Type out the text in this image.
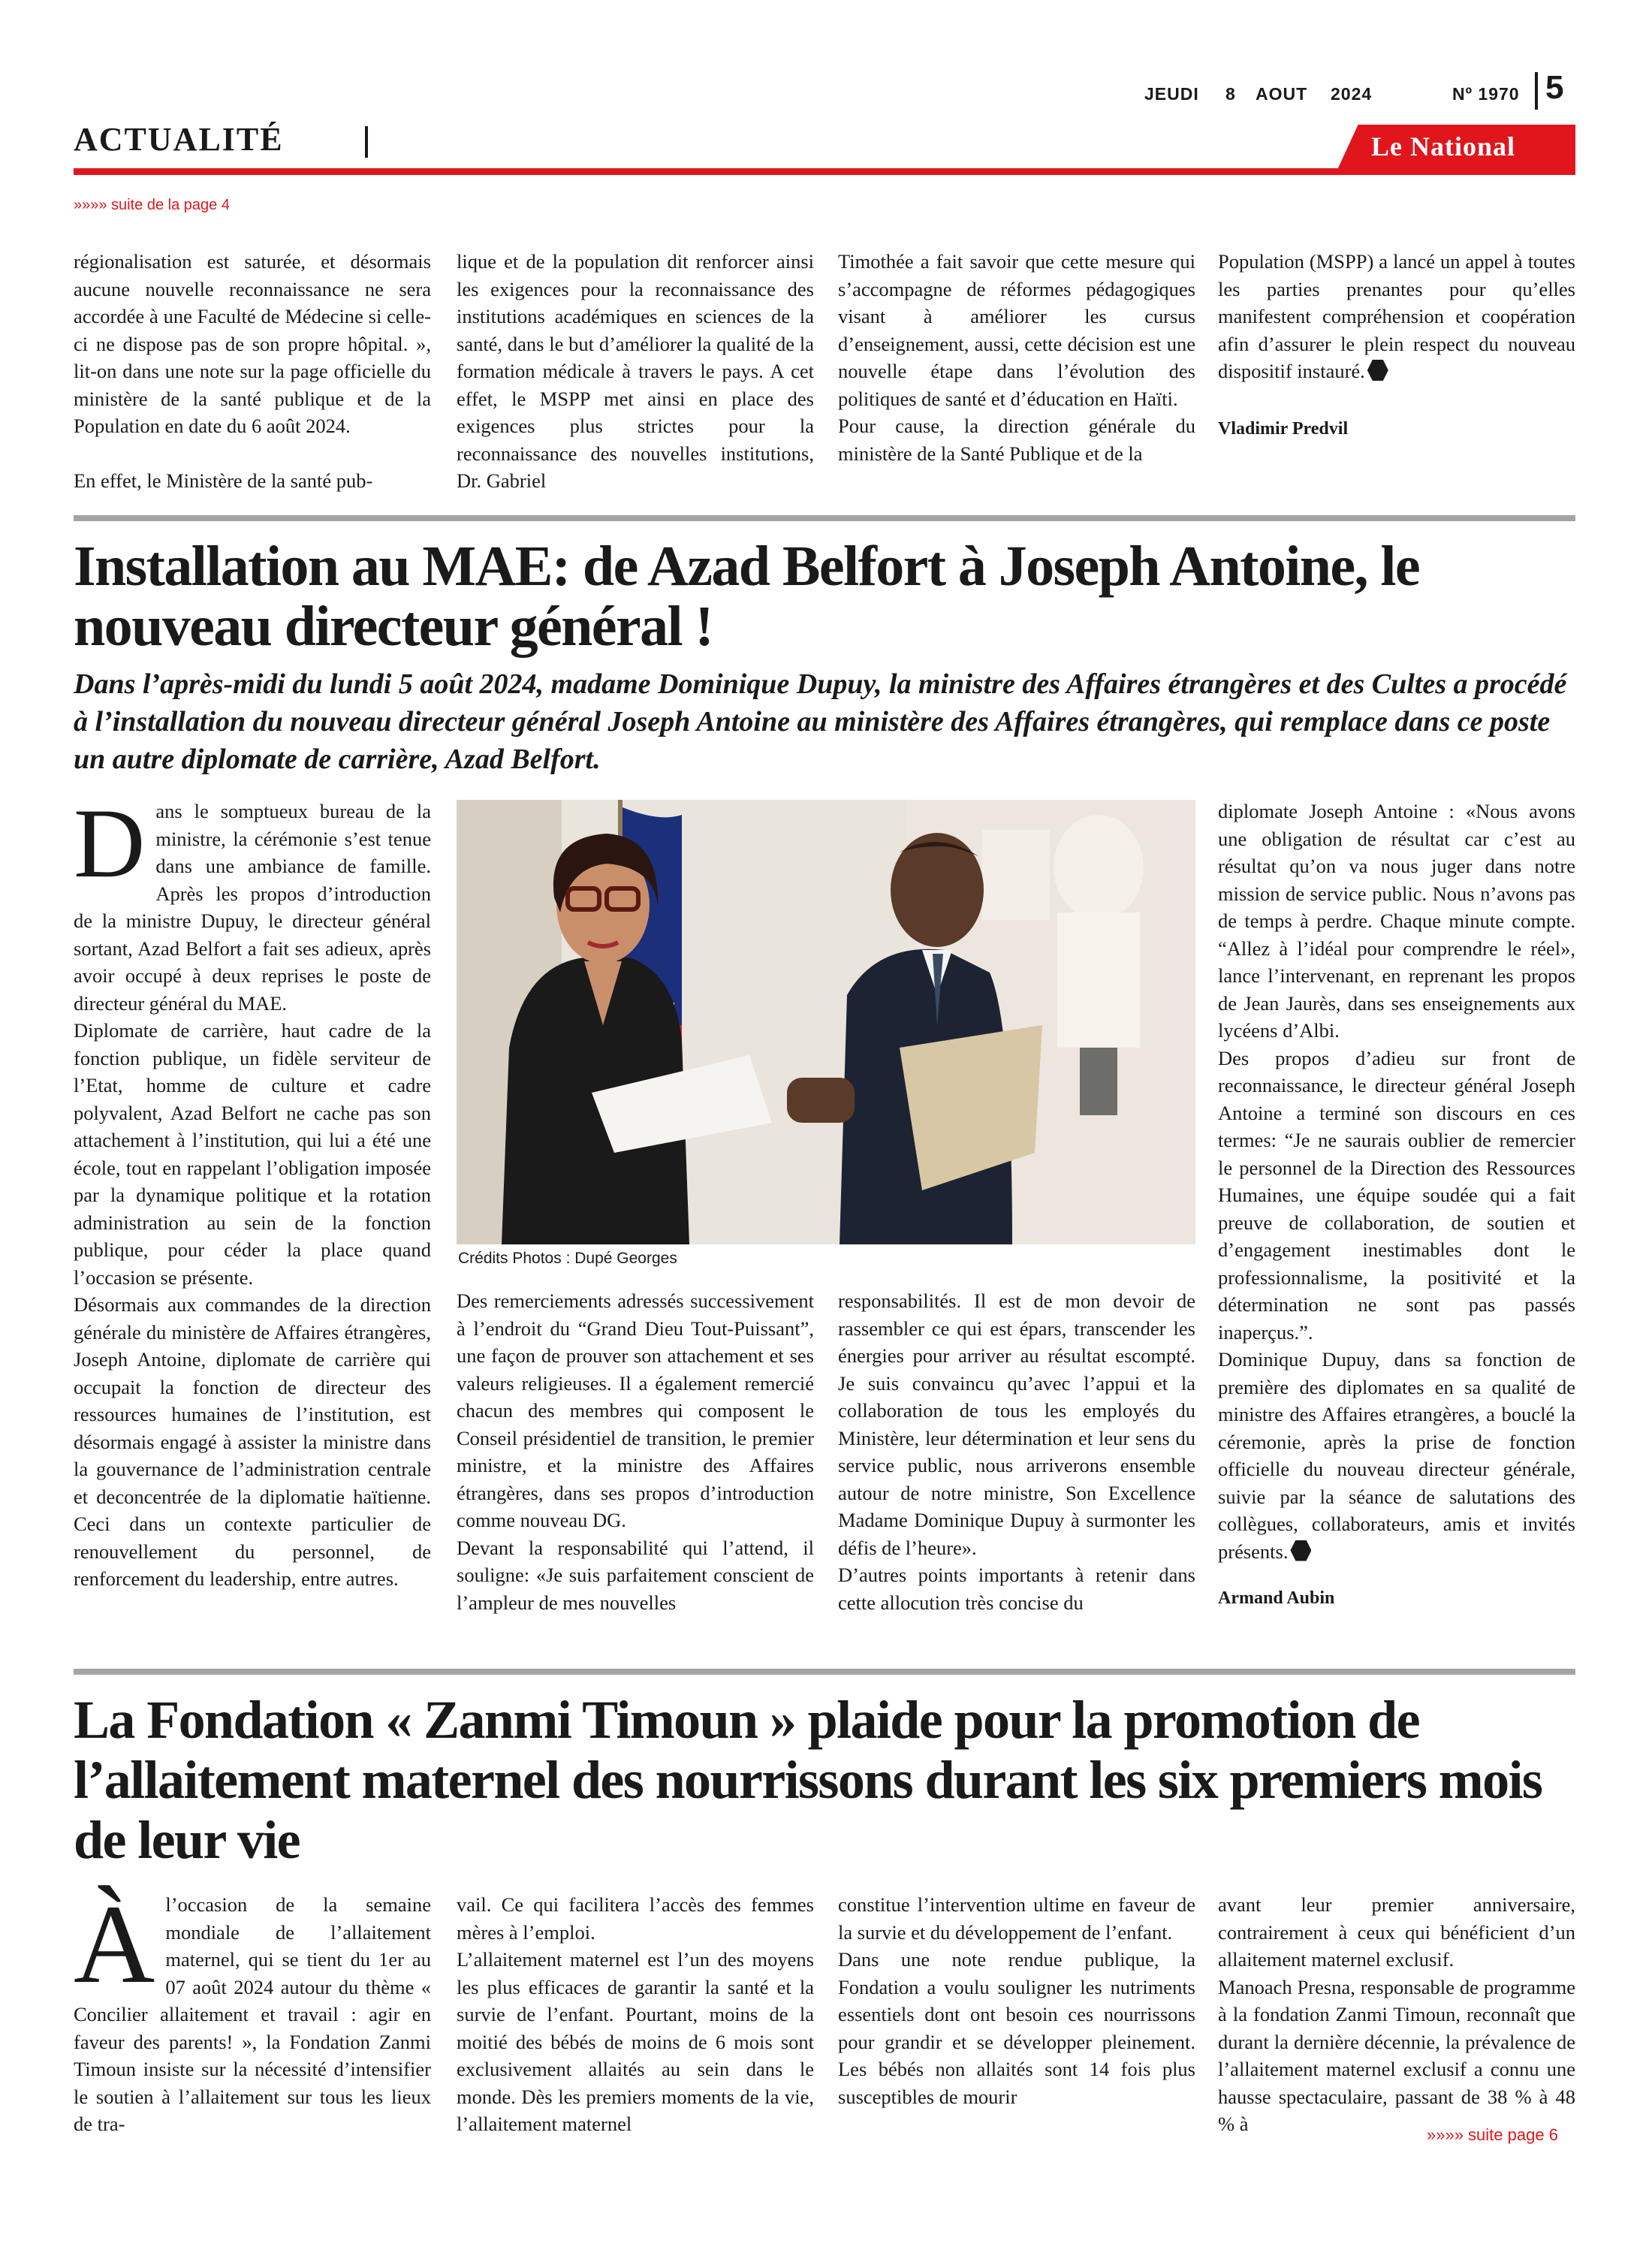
JEUDI 8 AOUT 2024	Nº 1970 5
ACTUALITÉ	Le National
»»»» suite de la page 4

régionalisation est saturée, et désormais aucune nouvelle reconnaissance ne sera accordée à une Faculté de Médecine si celle-ci ne dispose pas de son propre hôpital. », lit-on dans une note sur la page officielle du ministère de la santé publique et de la Population en date du 6 août 2024.

En effet, le Ministère de la santé pub-

lique et de la population dit renforcer ainsi les exigences pour la reconnaissance des institutions académiques en sciences de la santé, dans le but d’améliorer la qualité de la formation médicale à travers le pays. A cet effet, le MSPP met ainsi en place des exigences plus strictes pour la reconnaissance des nouvelles institutions, Dr. Gabriel

Timothée a fait savoir que cette mesure qui s’accompagne de réformes pédagogiques visant à améliorer les cursus d’enseignement, aussi, cette décision est une nouvelle étape dans l’évolution des politiques de santé et d’éducation en Haïti.

Pour cause, la direction générale du ministère de la Santé Publique et de la

Population (MSPP) a lancé un appel à toutes les parties prenantes pour qu’elles manifestent compréhension et coopération afin d’assurer le plein respect du nouveau dispositif instauré.

Vladimir Predvil

Installation au MAE: de Azad Belfort à Joseph Antoine, le nouveau directeur général !

Dans l’après-midi du lundi 5 août 2024, madame Dominique Dupuy, la ministre des Affaires étrangères et des Cultes a procédé à l’installation du nouveau directeur général Joseph Antoine au ministère des Affaires étrangères, qui remplace dans ce poste un autre diplomate de carrière, Azad Belfort.

Dans le somptueux bureau de la ministre, la cérémonie s’est tenue dans une ambiance de famille. Après les propos d’introduction de la ministre Dupuy, le directeur général sortant, Azad Belfort a fait ses adieux, après avoir occupé à deux reprises le poste de directeur général du MAE.

Diplomate de carrière, haut cadre de la fonction publique, un fidèle serviteur de l’Etat, homme de culture et cadre polyvalent, Azad Belfort ne cache pas son attachement à l’institution, qui lui a été une école, tout en rappelant l’obligation imposée par la dynamique politique et la rotation administration au sein de la fonction publique, pour céder la place quand l’occasion se présente.

Désormais aux commandes de la direction générale du ministère de Affaires étrangères, Joseph Antoine, diplomate de carrière qui occupait la fonction de directeur des ressources humaines de l’institution, est désormais engagé à assister la ministre dans la gouvernance de l’administration centrale et deconcentrée de la diplomatie haïtienne. Ceci dans un contexte particulier de renouvellement du personnel, de renforcement du leadership, entre autres.

Crédits Photos : Dupé Georges

Des remerciements adressés successivement à l’endroit du “Grand Dieu Tout-Puissant”, une façon de prouver son attachement et ses valeurs religieuses. Il a également remercié chacun des membres qui composent le Conseil présidentiel de transition, le premier ministre, et la ministre des Affaires étrangères, dans ses propos d’introduction comme nouveau DG.

Devant la responsabilité qui l’attend, il souligne: «Je suis parfaitement conscient de l’ampleur de mes nouvelles

responsabilités. Il est de mon devoir de rassembler ce qui est épars, transcender les énergies pour arriver au résultat escompté. Je suis convaincu qu’avec l’appui et la collaboration de tous les employés du Ministère, leur détermination et leur sens du service public, nous arriverons ensemble autour de notre ministre, Son Excellence Madame Dominique Dupuy à surmonter les défis de l’heure».

D’autres points importants à retenir dans cette allocution très concise du

diplomate Joseph Antoine : «Nous avons une obligation de résultat car c’est au résultat qu’on va nous juger dans notre mission de service public. Nous n’avons pas de temps à perdre. Chaque minute compte. “Allez à l’idéal pour comprendre le réel», lance l’intervenant, en reprenant les propos de Jean Jaurès, dans ses enseignements aux lycéens d’Albi.

Des propos d’adieu sur front de reconnaissance, le directeur général Joseph Antoine a terminé son discours en ces termes: “Je ne saurais oublier de remercier le personnel de la Direction des Ressources Humaines, une équipe soudée qui a fait preuve de collaboration, de soutien et d’engagement inestimables dont le professionnalisme, la positivité et la détermination ne sont pas passés inaperçus.”.

Dominique Dupuy, dans sa fonction de première des diplomates en sa qualité de ministre des Affaires etrangères, a bouclé la céremonie, après la prise de fonction officielle du nouveau directeur générale, suivie par la séance de salutations des collègues, collaborateurs, amis et invités présents.

Armand Aubin

La Fondation « Zanmi Timoun » plaide pour la promotion de l’allaitement maternel des nourrissons durant les six premiers mois de leur vie

Àl’occasion de la semaine mondiale de l’allaitement maternel, qui se tient du 1er au 07 août 2024 autour du thème « Concilier allaitement et travail : agir en faveur des parents! », la Fondation Zanmi Timoun insiste sur la nécessité d’intensifier le soutien à l’allaitement sur tous les lieux de tra-

vail. Ce qui facilitera l’accès des femmes mères à l’emploi.

L’allaitement maternel est l’un des moyens les plus efficaces de garantir la santé et la survie de l’enfant. Pourtant, moins de la moitié des bébés de moins de 6 mois sont exclusivement allaités au sein dans le monde. Dès les premiers moments de la vie, l’allaitement maternel

constitue l’intervention ultime en faveur de la survie et du développement de l’enfant.

Dans une note rendue publique, la Fondation a voulu souligner les nutriments essentiels dont ont besoin ces nourrissons pour grandir et se développer pleinement. Les bébés non allaités sont 14 fois plus susceptibles de mourir

avant leur premier anniversaire, contrairement à ceux qui bénéficient d’un allaitement maternel exclusif.

Manoach Presna, responsable de programme à la fondation Zanmi Timoun, reconnaît que durant la dernière décennie, la prévalence de l’allaitement maternel exclusif a connu une hausse spectaculaire, passant de 38 % à 48 % à	»»»» suite page 6
